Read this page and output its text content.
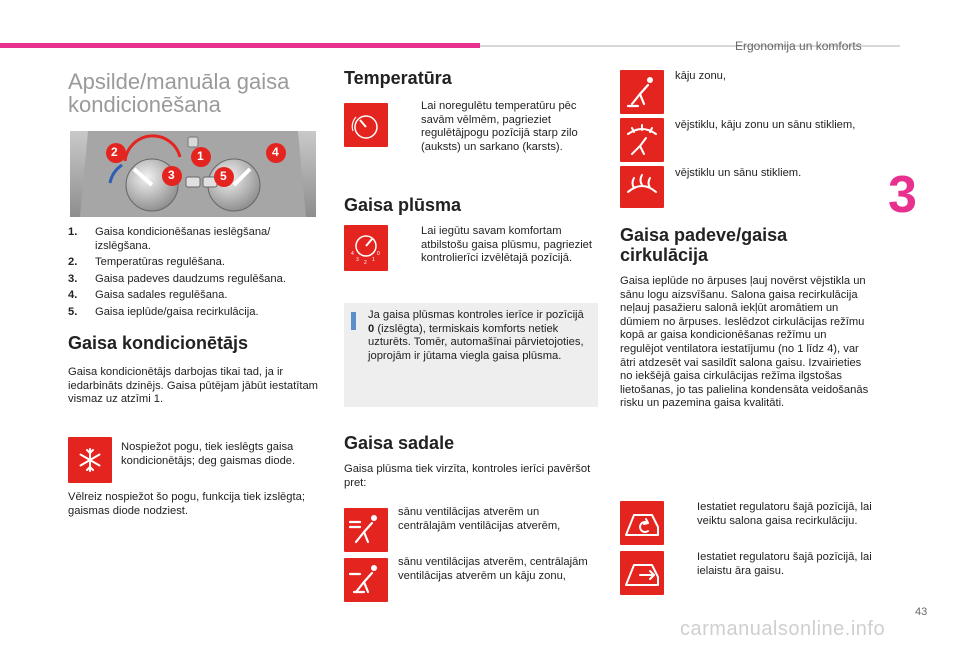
Ergonomija un komforts
3
Apsilde/manuāla gaisa
kondicionēšana
2	1	4
3	5
1. Gaisa kondicionēšanas ieslēgšana/ izslēgšana.
2. Temperatūras regulēšana.
3. Gaisa padeves daudzums regulēšana.
4. Gaisa sadales regulēšana.
5. Gaisa ieplūde/gaisa recirkulācija.
Gaisa kondicionētājs
Gaisa kondicionētājs darbojas tikai tad, ja ir iedarbināts dzinējs. Gaisa pūtējam jābūt iestatītam vismaz uz atzīmi 1.
Nospiežot pogu, tiek ieslēgts gaisa kondicionētājs; deg gaismas diode.
Vēlreiz nospiežot šo pogu, funkcija tiek izslēgta; gaismas diode nodziest.
Temperatūra
Lai noregulētu temperatūru pēc savām vēlmēm, pagrieziet regulētājpogu pozīcijā starp zilo (auksts) un sarkano (karsts).
Gaisa plūsma
4
3 2 1
0
Lai iegūtu savam komfortam atbilstošu gaisa plūsmu, pagrieziet kontrolierīci izvēlētajā pozīcijā.
Ja gaisa plūsmas kontroles ierīce ir pozīcijā 0 (izslēgta), termiskais komforts netiek uzturēts. Tomēr, automašīnai pārvietojoties, joprojām ir jūtama viegla gaisa plūsma.
Gaisa sadale
Gaisa plūsma tiek virzīta, kontroles ierīci pavēršot pret:
sānu ventilācijas atverēm un centrālajām ventilācijas atverēm,
sānu ventilācijas atverēm, centrālajām ventilācijas atverēm un kāju zonu,
kāju zonu,
vējstiklu, kāju zonu un sānu stikliem,
vējstiklu un sānu stikliem.
Gaisa padeve/gaisa
cirkulācija
Gaisa ieplūde no ārpuses ļauj novērst vējstikla un sānu logu aizsvīšanu. Salona gaisa recirkulācija neļauj pasažieru salonā iekļūt aromātiem un dūmiem no ārpuses. Ieslēdzot cirkulācijas režīmu kopā ar gaisa kondicionēšanas režīmu un regulējot ventilatora iestatījumu (no 1 līdz 4), var ātri atdzesēt vai sasildīt salona gaisu. Izvairieties no iekšējā gaisa cirkulācijas režīma ilgstošas lietošanas, jo tas palielina kondensāta veidošanās risku un pazemina gaisa kvalitāti.
Iestatiet regulatoru šajā pozīcijā, lai veiktu salona gaisa recirkulāciju.
Iestatiet regulatoru šajā pozīcijā, lai ielaistu āra gaisu.
43
carmanualsonline.info
